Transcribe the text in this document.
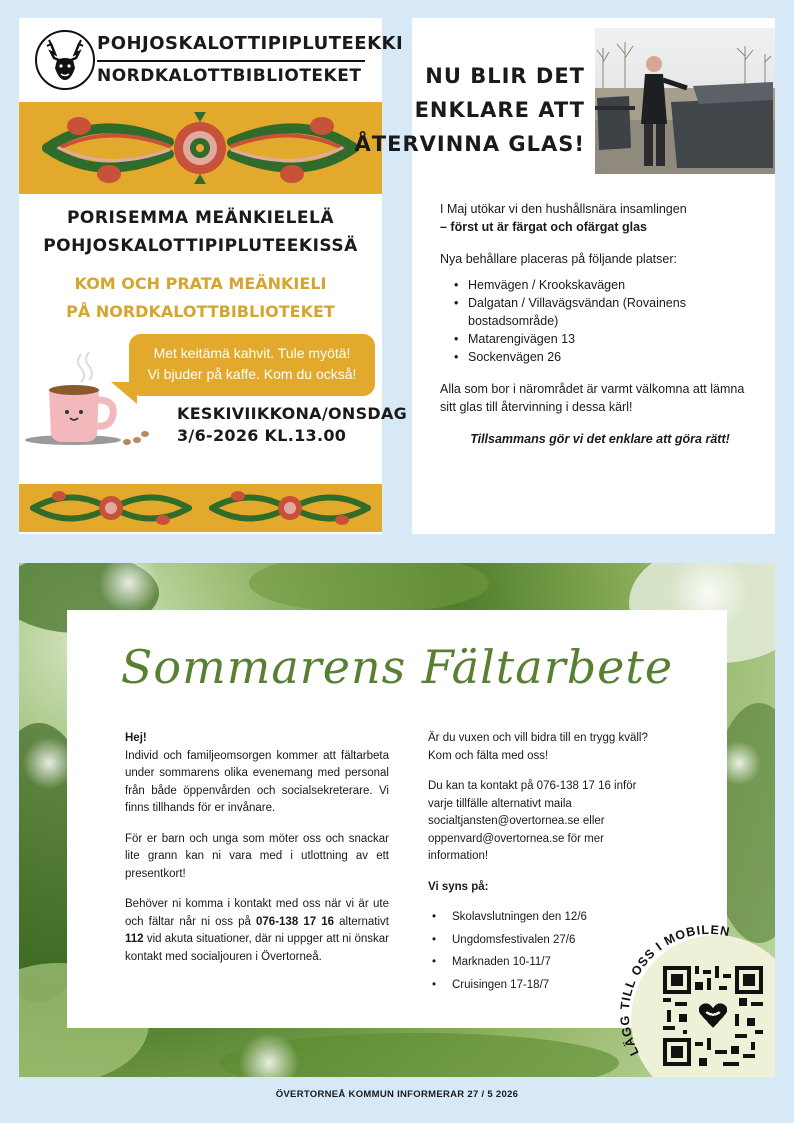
POHJOSKALOTTIPIPLUTEEKKI
NORDKALOTTBIBLIOTEKET
PORISEMMA MEÄNKIELELÄ
POHJOSKALOTTIPIPLUTEEKISSÄ
KOM OCH PRATA MEÄNKIELI
PÅ NORDKALOTTBIBLIOTEKET
Met keitämä kahvit. Tule myötä!
Vi bjuder på kaffe. Kom du också!
KESKIVIIKKONA/ONSDAG
3/6-2026 KL.13.00
NU BLIR DET
ENKLARE ATT
ÅTERVINNA GLAS!

I Maj utökar vi den hushållsnära insamlingen
– först ut är färgat och ofärgat glas

Nya behållare placeras på följande platser:

• Hemvägen / Krookskavägen
• Dalgatan / Villavägsvändan (Rovainens bostadsområde)
• Matarengivägen 13
• Sockenvägen 26

Alla som bor i närområdet är varmt välkomna att lämna sitt glas till återvinning i dessa kärl!

Tillsammans gör vi det enklare att göra rätt!

Sommarens Fältarbete

Hej!
Individ och familjeomsorgen kommer att fältarbeta under sommarens olika evenemang med personal från både öppenvården och socialsekreterare. Vi finns tillhands för er invånare.

För er barn och unga som möter oss och snackar lite grann kan ni vara med i utlottning av ett presentkort!

Behöver ni komma i kontakt med oss när vi är ute och fältar når ni oss på 076-138 17 16 alternativt 112 vid akuta situationer, där ni uppger att ni önskar kontakt med socialjouren i Övertorneå.

Är du vuxen och vill bidra till en trygg kväll? Kom och fälta med oss!

Du kan ta kontakt på 076-138 17 16 inför varje tillfälle alternativt maila socialtjansten@overtornea.se eller oppenvard@overtornea.se för mer information!

Vi syns på:

• Skolavslutningen den 12/6
• Ungdomsfestivalen 27/6
• Marknaden 10-11/7
• Cruisingen 17-18/7
LÄGG TILL OSS I MOBILEN
ÖVERTORNEÅ KOMMUN INFORMERAR 27 / 5 2026
